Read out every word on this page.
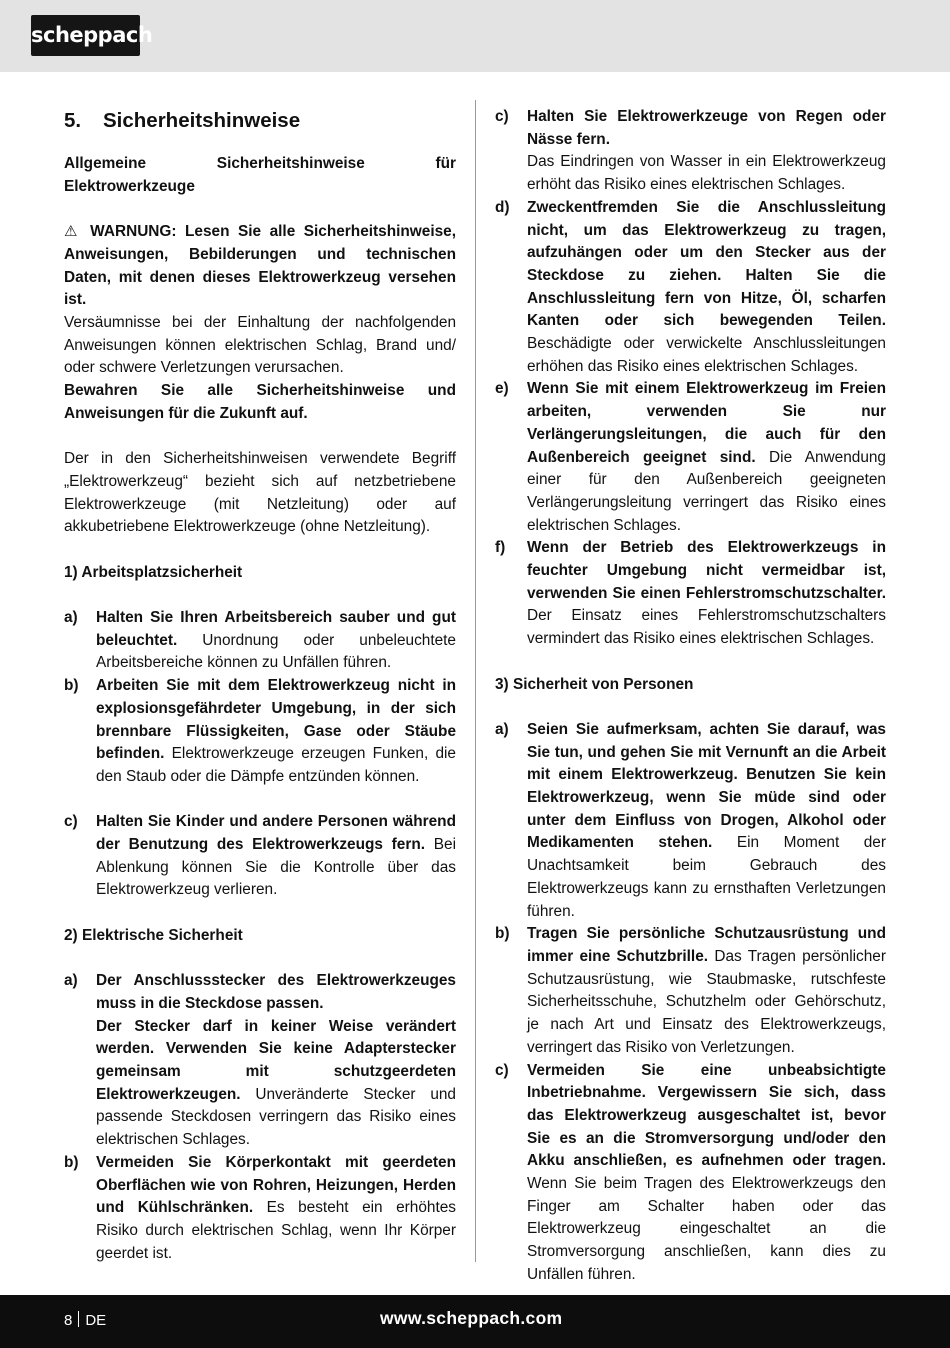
scheppach
5. Sicherheitshinweise

Allgemeine Sicherheitshinweise für Elektrowerkzeuge

⚠ WARNUNG: Lesen Sie alle Sicherheitshinweise, Anweisungen, Bebilderungen und technischen Daten, mit denen dieses Elektrowerkzeug versehen ist.

Versäumnisse bei der Einhaltung der nachfolgenden Anweisungen können elektrischen Schlag, Brand und/ oder schwere Verletzungen verursachen.

Bewahren Sie alle Sicherheitshinweise und Anweisungen für die Zukunft auf.

Der in den Sicherheitshinweisen verwendete Begriff „Elektrowerkzeug“ bezieht sich auf netzbetriebene Elektrowerkzeuge (mit Netzleitung) oder auf akkubetriebene Elektrowerkzeuge (ohne Netzleitung).

1) Arbeitsplatzsicherheit

a) Halten Sie Ihren Arbeitsbereich sauber und gut beleuchtet. Unordnung oder unbeleuchtete Arbeitsbereiche können zu Unfällen führen.

b) Arbeiten Sie mit dem Elektrowerkzeug nicht in explosionsgefährdeter Umgebung, in der sich brennbare Flüssigkeiten, Gase oder Stäube befinden. Elektrowerkzeuge erzeugen Funken, die den Staub oder die Dämpfe entzünden können.

c) Halten Sie Kinder und andere Personen während der Benutzung des Elektrowerkzeugs fern. Bei Ablenkung können Sie die Kontrolle über das Elektrowerkzeug verlieren.

2) Elektrische Sicherheit

a) Der Anschlussstecker des Elektrowerkzeuges muss in die Steckdose passen.

Der Stecker darf in keiner Weise verändert werden. Verwenden Sie keine Adapterstecker gemeinsam mit schutzgeerdeten Elektrowerkzeugen. Unveränderte Stecker und passende Steckdosen verringern das Risiko eines elektrischen Schlages.

b) Vermeiden Sie Körperkontakt mit geerdeten Oberflächen wie von Rohren, Heizungen, Herden und Kühlschränken. Es besteht ein erhöhtes Risiko durch elektrischen Schlag, wenn Ihr Körper geerdet ist.

c) Halten Sie Elektrowerkzeuge von Regen oder Nässe fern.

Das Eindringen von Wasser in ein Elektrowerkzeug erhöht das Risiko eines elektrischen Schlages.

d) Zweckentfremden Sie die Anschlussleitung nicht, um das Elektrowerkzeug zu tragen, aufzuhängen oder um den Stecker aus der Steckdose zu ziehen. Halten Sie die Anschlussleitung fern von Hitze, Öl, scharfen Kanten oder sich bewegenden Teilen. Beschädigte oder verwickelte Anschlussleitungen erhöhen das Risiko eines elektrischen Schlages.

e) Wenn Sie mit einem Elektrowerkzeug im Freien arbeiten, verwenden Sie nur Verlängerungsleitungen, die auch für den Außenbereich geeignet sind. Die Anwendung einer für den Außenbereich geeigneten Verlängerungsleitung verringert das Risiko eines elektrischen Schlages.

f) Wenn der Betrieb des Elektrowerkzeugs in feuchter Umgebung nicht vermeidbar ist, verwenden Sie einen Fehlerstromschutzschalter. Der Einsatz eines Fehlerstromschutzschalters vermindert das Risiko eines elektrischen Schlages.

3) Sicherheit von Personen

a) Seien Sie aufmerksam, achten Sie darauf, was Sie tun, und gehen Sie mit Vernunft an die Arbeit mit einem Elektrowerkzeug. Benutzen Sie kein Elektrowerkzeug, wenn Sie müde sind oder unter dem Einfluss von Drogen, Alkohol oder Medikamenten stehen. Ein Moment der Unachtsamkeit beim Gebrauch des Elektrowerkzeugs kann zu ernsthaften Verletzungen führen.

b) Tragen Sie persönliche Schutzausrüstung und immer eine Schutzbrille. Das Tragen persönlicher Schutzausrüstung, wie Staubmaske, rutschfeste Sicherheitsschuhe, Schutzhelm oder Gehörschutz, je nach Art und Einsatz des Elektrowerkzeugs, verringert das Risiko von Verletzungen.

c) Vermeiden Sie eine unbeabsichtigte Inbetriebnahme. Vergewissern Sie sich, dass das Elektrowerkzeug ausgeschaltet ist, bevor Sie es an die Stromversorgung und/oder den Akku anschließen, es aufnehmen oder tragen. Wenn Sie beim Tragen des Elektrowerkzeugs den Finger am Schalter haben oder das Elektrowerkzeug eingeschaltet an die Stromversorgung anschließen, kann dies zu Unfällen führen.

8 DE	www.scheppach.com
